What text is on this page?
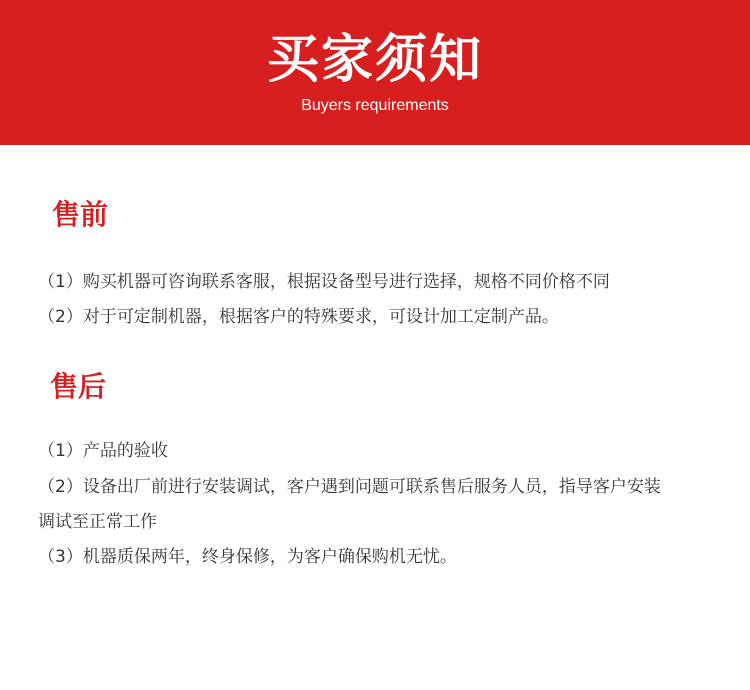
买家须知
Buyers requirements
售前
（1）购买机器可咨询联系客服，根据设备型号进行选择，规格不同价格不同
（2）对于可定制机器，根据客户的特殊要求，可设计加工定制产品。
售后
（1）产品的验收
（2）设备出厂前进行安装调试，客户遇到问题可联系售后服务人员，指导客户安装
调试至正常工作
（3）机器质保两年，终身保修，为客户确保购机无忧。
